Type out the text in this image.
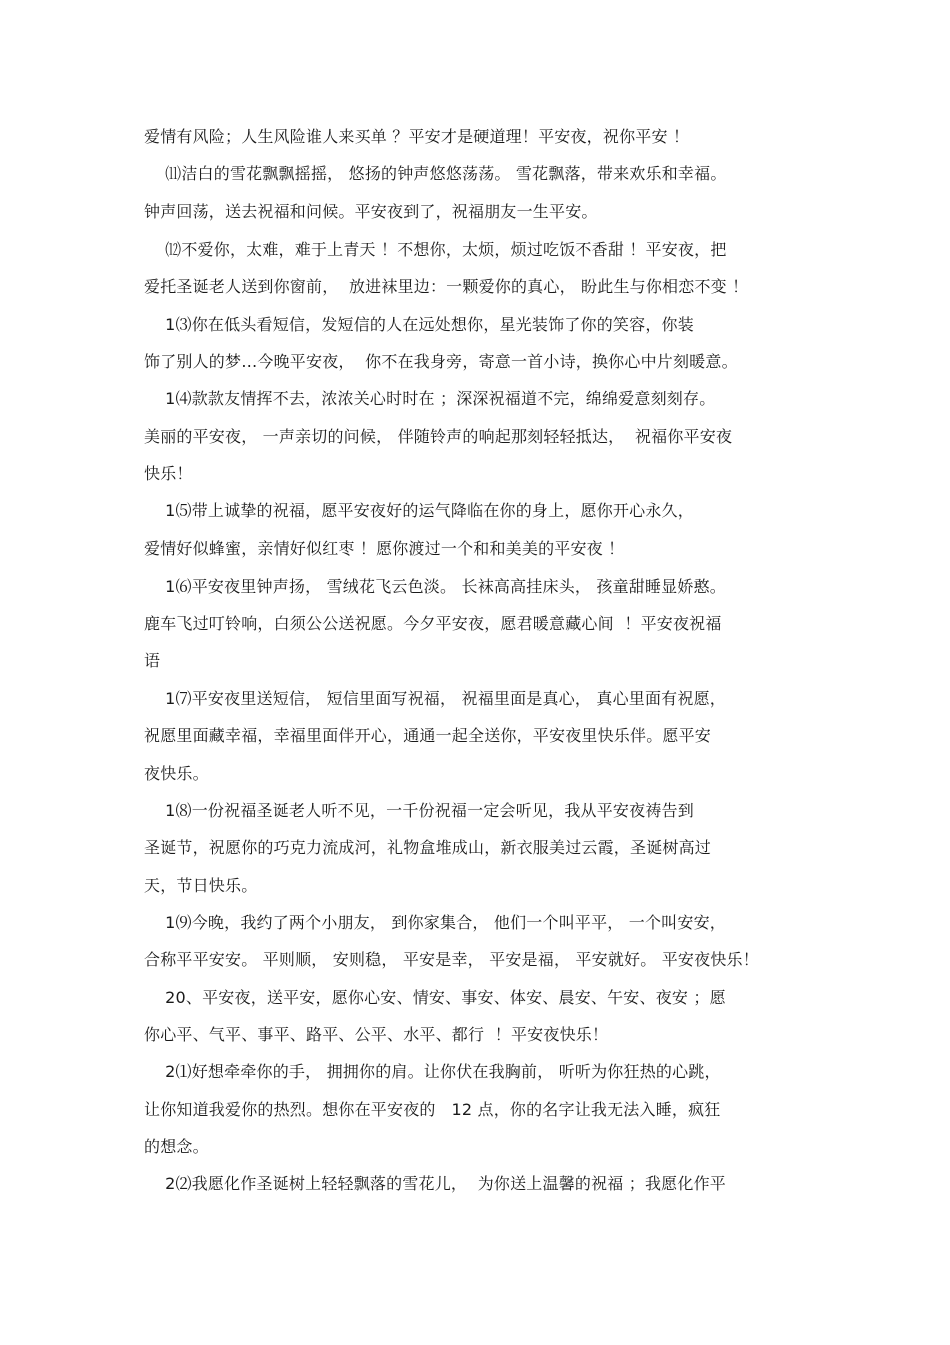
爱情有风险；人生风险谁人来买单 ？平安才是硬道理！平安夜，祝你平安 ！
⑾洁白的雪花飘飘摇摇， 悠扬的钟声悠悠荡荡。 雪花飘落，带来欢乐和幸福。
钟声回荡，送去祝福和问候。平安夜到了，祝福朋友一生平安。
⑿不爱你，太难，难于上青天 ！不想你，太烦，烦过吃饭不香甜 ！平安夜，把
爱托圣诞老人送到你窗前，  放进袜里边：一颗爱你的真心， 盼此生与你相恋不变 ！
1⑶你在低头看短信，发短信的人在远处想你，星光装饰了你的笑容，你装
饰了别人的梦…今晚平安夜，  你不在我身旁，寄意一首小诗，换你心中片刻暖意。
1⑷款款友情挥不去，浓浓关心时时在 ；深深祝福道不完，绵绵爱意刻刻存。
美丽的平安夜， 一声亲切的问候， 伴随铃声的响起那刻轻轻抵达，  祝福你平安夜
快乐！
1⑸带上诚挚的祝福，愿平安夜好的运气降临在你的身上，愿你开心永久，
爱情好似蜂蜜，亲情好似红枣 ！愿你渡过一个和和美美的平安夜 ！
1⑹平安夜里钟声扬， 雪绒花飞云色淡。 长袜高高挂床头， 孩童甜睡显娇憨。
鹿车飞过叮铃响，白须公公送祝愿。今夕平安夜，愿君暖意藏心间  ！平安夜祝福
语
1⑺平安夜里送短信， 短信里面写祝福， 祝福里面是真心， 真心里面有祝愿，
祝愿里面藏幸福，幸福里面伴开心，通通一起全送你，平安夜里快乐伴。愿平安
夜快乐。
1⑻一份祝福圣诞老人听不见，一千份祝福一定会听见，我从平安夜祷告到
圣诞节，祝愿你的巧克力流成河，礼物盒堆成山，新衣服美过云霞，圣诞树高过
天，节日快乐。
1⑼今晚，我约了两个小朋友， 到你家集合， 他们一个叫平平， 一个叫安安，
合称平平安安。 平则顺， 安则稳， 平安是幸， 平安是福， 平安就好。 平安夜快乐！
20、平安夜，送平安，愿你心安、情安、事安、体安、晨安、午安、夜安 ；愿
你心平、气平、事平、路平、公平、水平、都行  ！平安夜快乐！
2⑴好想牵牵你的手， 拥拥你的肩。让你伏在我胸前， 听听为你狂热的心跳，
让你知道我爱你的热烈。想你在平安夜的   12 点，你的名字让我无法入睡，疯狂
的想念。
2⑵我愿化作圣诞树上轻轻飘落的雪花儿，  为你送上温馨的祝福 ；我愿化作平
